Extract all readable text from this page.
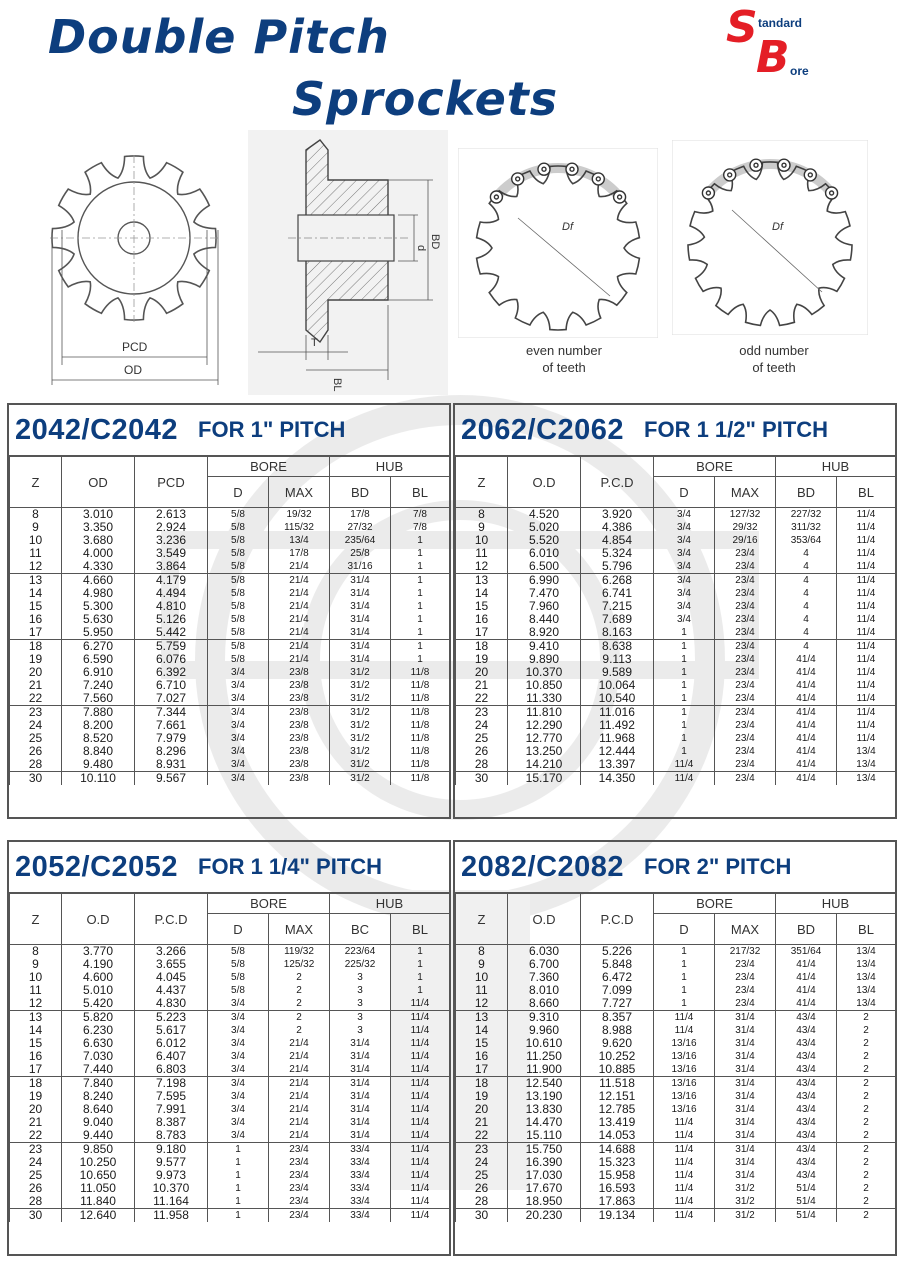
Double Pitch
Sprockets
S tandard
B ore
PCD
OD
d BD
T
BL
Df
even number
of teeth
Df
odd number
of teeth
2042/C2042 FOR 1" PITCH
Z	OD	PCD	BORE		HUB	
			D	MAX	BD	BL
8	3.010	2.613	5/8	19/32	17/8	7/8
9	3.350	2.924	5/8	115/32	27/32	7/8
10	3.680	3.236	5/8	13/4	235/64	1
11	4.000	3.549	5/8	17/8	25/8	1
12	4.330	3.864	5/8	21/4	31/16	1
13	4.660	4.179	5/8	21/4	31/4	1
14	4.980	4.494	5/8	21/4	31/4	1
15	5.300	4.810	5/8	21/4	31/4	1
16	5.630	5.126	5/8	21/4	31/4	1
17	5.950	5.442	5/8	21/4	31/4	1
18	6.270	5.759	5/8	21/4	31/4	1
19	6.590	6.076	5/8	21/4	31/4	1
20	6.910	6.392	3/4	23/8	31/2	11/8
21	7.240	6.710	3/4	23/8	31/2	11/8
22	7.560	7.027	3/4	23/8	31/2	11/8
23	7.880	7.344	3/4	23/8	31/2	11/8
24	8.200	7.661	3/4	23/8	31/2	11/8
25	8.520	7.979	3/4	23/8	31/2	11/8
26	8.840	8.296	3/4	23/8	31/2	11/8
28	9.480	8.931	3/4	23/8	31/2	11/8
30	10.110	9.567	3/4	23/8	31/2	11/8
2062/C2062 FOR 1 1/2" PITCH
Z	O.D	P.C.D	BORE		HUB	
			D	MAX	BD	BL
8	4.520	3.920	3/4	127/32	227/32	11/4
9	5.020	4.386	3/4	29/32	311/32	11/4
10	5.520	4.854	3/4	29/16	353/64	11/4
11	6.010	5.324	3/4	23/4	4	11/4
12	6.500	5.796	3/4	23/4	4	11/4
13	6.990	6.268	3/4	23/4	4	11/4
14	7.470	6.741	3/4	23/4	4	11/4
15	7.960	7.215	3/4	23/4	4	11/4
16	8.440	7.689	3/4	23/4	4	11/4
17	8.920	8.163	1	23/4	4	11/4
18	9.410	8.638	1	23/4	4	11/4
19	9.890	9.113	1	23/4	41/4	11/4
20	10.370	9.589	1	23/4	41/4	11/4
21	10.850	10.064	1	23/4	41/4	11/4
22	11.330	10.540	1	23/4	41/4	11/4
23	11.810	11.016	1	23/4	41/4	11/4
24	12.290	11.492	1	23/4	41/4	11/4
25	12.770	11.968	1	23/4	41/4	11/4
26	13.250	12.444	1	23/4	41/4	13/4
28	14.210	13.397	11/4	23/4	41/4	13/4
30	15.170	14.350	11/4	23/4	41/4	13/4
2052/C2052 FOR 1 1/4" PITCH
Z	O.D	P.C.D	BORE		HUB	
			D	MAX	BC	BL
8	3.770	3.266	5/8	119/32	223/64	1
9	4.190	3.655	5/8	125/32	225/32	1
10	4.600	4.045	5/8	2	3	1
11	5.010	4.437	5/8	2	3	1
12	5.420	4.830	3/4	2	3	11/4
13	5.820	5.223	3/4	2	3	11/4
14	6.230	5.617	3/4	2	3	11/4
15	6.630	6.012	3/4	21/4	31/4	11/4
16	7.030	6.407	3/4	21/4	31/4	11/4
17	7.440	6.803	3/4	21/4	31/4	11/4
18	7.840	7.198	3/4	21/4	31/4	11/4
19	8.240	7.595	3/4	21/4	31/4	11/4
20	8.640	7.991	3/4	21/4	31/4	11/4
21	9.040	8.387	3/4	21/4	31/4	11/4
22	9.440	8.783	3/4	21/4	31/4	11/4
23	9.850	9.180	1	23/4	33/4	11/4
24	10.250	9.577	1	23/4	33/4	11/4
25	10.650	9.973	1	23/4	33/4	11/4
26	11.050	10.370	1	23/4	33/4	11/4
28	11.840	11.164	1	23/4	33/4	11/4
30	12.640	11.958	1	23/4	33/4	11/4
2082/C2082 FOR 2" PITCH
Z	O.D	P.C.D	BORE		HUB	
			D	MAX	BD	BL
8	6.030	5.226	1	217/32	351/64	13/4
9	6.700	5.848	1	23/4	41/4	13/4
10	7.360	6.472	1	23/4	41/4	13/4
11	8.010	7.099	1	23/4	41/4	13/4
12	8.660	7.727	1	23/4	41/4	13/4
13	9.310	8.357	11/4	31/4	43/4	2
14	9.960	8.988	11/4	31/4	43/4	2
15	10.610	9.620	13/16	31/4	43/4	2
16	11.250	10.252	13/16	31/4	43/4	2
17	11.900	10.885	13/16	31/4	43/4	2
18	12.540	11.518	13/16	31/4	43/4	2
19	13.190	12.151	13/16	31/4	43/4	2
20	13.830	12.785	13/16	31/4	43/4	2
21	14.470	13.419	11/4	31/4	43/4	2
22	15.110	14.053	11/4	31/4	43/4	2
23	15.750	14.688	11/4	31/4	43/4	2
24	16.390	15.323	11/4	31/4	43/4	2
25	17.030	15.958	11/4	31/4	43/4	2
26	17.670	16.593	11/4	31/2	51/4	2
28	18.950	17.863	11/4	31/2	51/4	2
30	20.230	19.134	11/4	31/2	51/4	2
